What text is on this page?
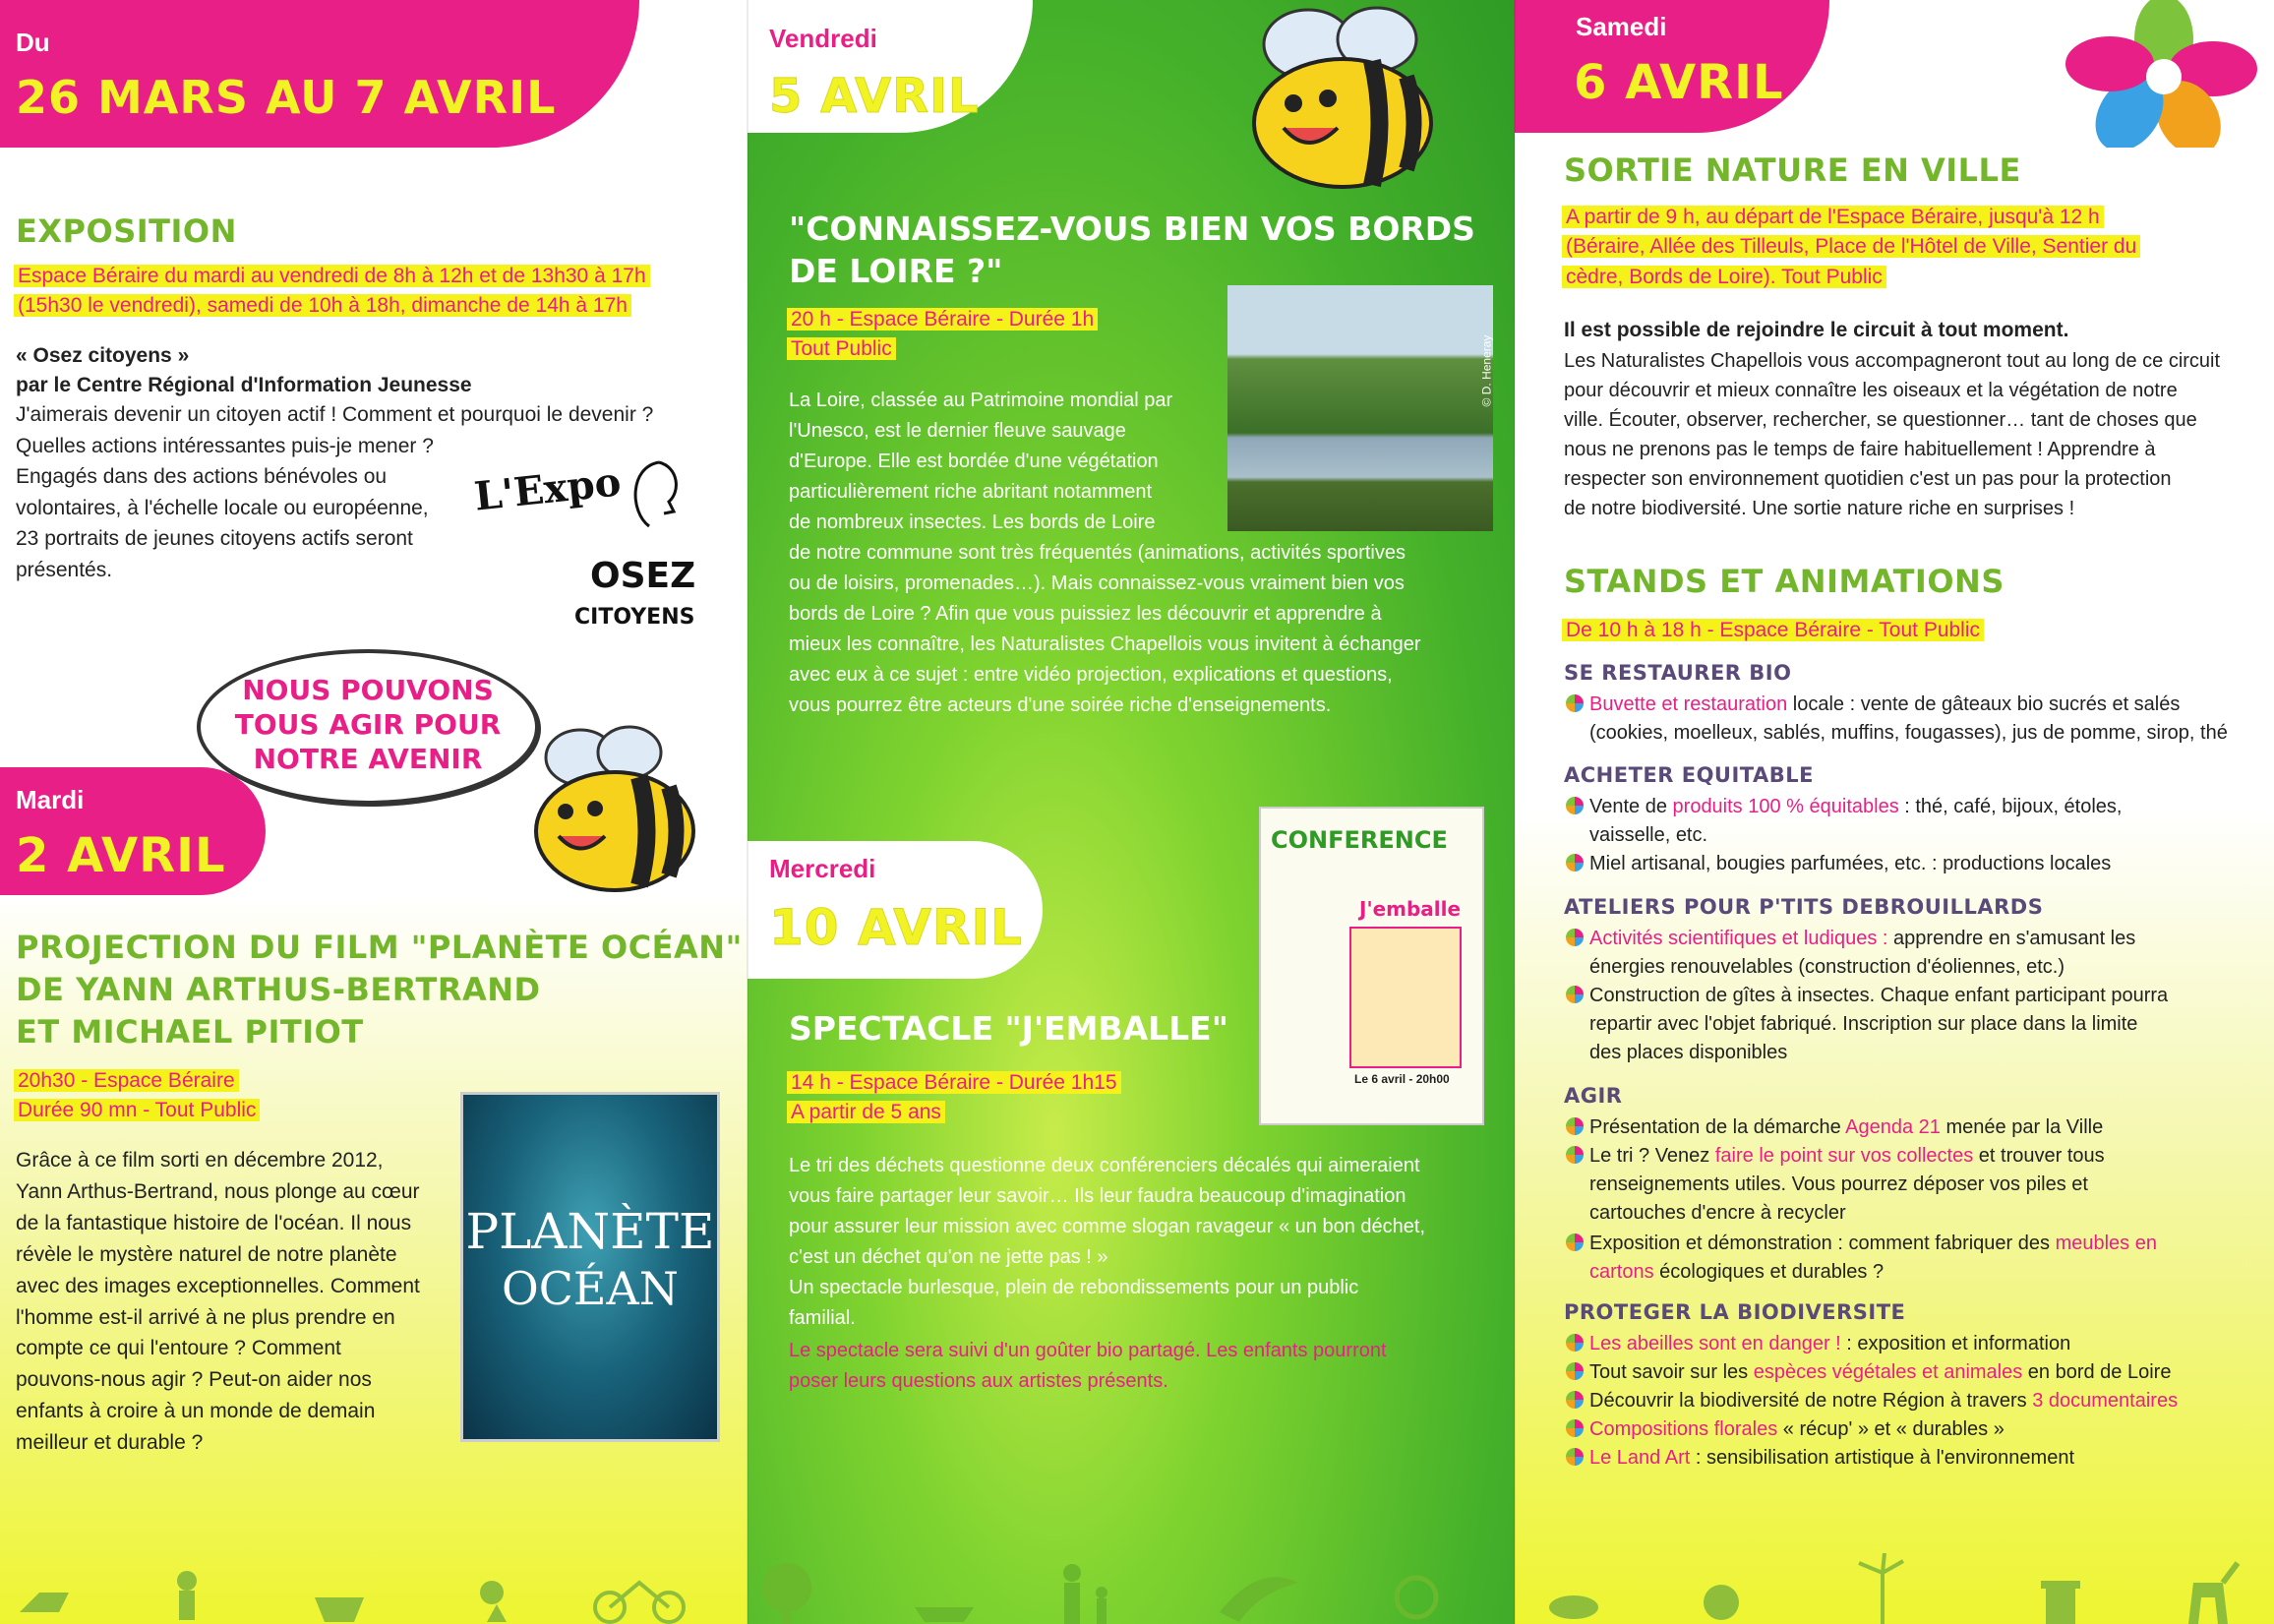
Du
26 MARS AU 7 AVRIL
EXPOSITION
Espace Béraire du mardi au vendredi de 8h à 12h et de 13h30 à 17h
(15h30 le vendredi), samedi de 10h à 18h, dimanche de 14h à 17h
« Osez citoyens »
par le Centre Régional d'Information Jeunesse
J'aimerais devenir un citoyen actif ! Comment et pourquoi le devenir ?
Quelles actions intéressantes puis-je mener ?
Engagés dans des actions bénévoles ou
volontaires, à l'échelle locale ou européenne,
23 portraits de jeunes citoyens actifs seront
présentés.
L'Expo
OSEZ
CITOYENS
NOUS POUVONS
TOUS AGIR POUR
NOTRE AVENIR
Mardi
2 AVRIL
PROJECTION DU FILM "PLANÈTE OCÉAN"
DE YANN ARTHUS-BERTRAND
ET MICHAEL PITIOT
20h30 - Espace Béraire
Durée 90 mn - Tout Public
Grâce à ce film sorti en décembre 2012,
Yann Arthus-Bertrand, nous plonge au cœur
de la fantastique histoire de l'océan. Il nous
révèle le mystère naturel de notre planète
avec des images exceptionnelles. Comment
l'homme est-il arrivé à ne plus prendre en
compte ce qui l'entoure ? Comment
pouvons-nous agir ? Peut-on aider nos
enfants à croire à un monde de demain
meilleur et durable ?
PLANÈTE
OCÉAN
Vendredi
5 AVRIL
"CONNAISSEZ-VOUS BIEN VOS BORDS
DE LOIRE ?"
20 h - Espace Béraire - Durée 1h
Tout Public	© D. Heneray
La Loire, classée au Patrimoine mondial par
l'Unesco, est le dernier fleuve sauvage
d'Europe. Elle est bordée d'une végétation
particulièrement riche abritant notamment
de nombreux insectes. Les bords de Loire
de notre commune sont très fréquentés (animations, activités sportives
ou de loisirs, promenades…). Mais connaissez-vous vraiment bien vos
bords de Loire ? Afin que vous puissiez les découvrir et apprendre à
mieux les connaître, les Naturalistes Chapellois vous invitent à échanger
avec eux à ce sujet : entre vidéo projection, explications et questions,
vous pourrez être acteurs d'une soirée riche d'enseignements.
Mercredi
10 AVRIL
SPECTACLE "J'EMBALLE"
14 h - Espace Béraire - Durée 1h15
A partir de 5 ans
CONFERENCE
J'emballe
Le 6 avril - 20h00
Le tri des déchets questionne deux conférenciers décalés qui aimeraient
vous faire partager leur savoir… Ils leur faudra beaucoup d'imagination
pour assurer leur mission avec comme slogan ravageur « un bon déchet,
c'est un déchet qu'on ne jette pas ! »
Un spectacle burlesque, plein de rebondissements pour un public
familial.
Le spectacle sera suivi d'un goûter bio partagé. Les enfants pourront
poser leurs questions aux artistes présents.
Samedi
6 AVRIL
SORTIE NATURE EN VILLE
A partir de 9 h, au départ de l'Espace Béraire, jusqu'à 12 h
(Béraire, Allée des Tilleuls, Place de l'Hôtel de Ville, Sentier du
cèdre, Bords de Loire). Tout Public
Il est possible de rejoindre le circuit à tout moment.
Les Naturalistes Chapellois vous accompagneront tout au long de ce circuit
pour découvrir et mieux connaître les oiseaux et la végétation de notre
ville. Écouter, observer, rechercher, se questionner… tant de choses que
nous ne prenons pas le temps de faire habituellement ! Apprendre à
respecter son environnement quotidien c'est un pas pour la protection
de notre biodiversité. Une sortie nature riche en surprises !
STANDS ET ANIMATIONS
De 10 h à 18 h - Espace Béraire - Tout Public
SE RESTAURER BIO
Buvette et restauration locale : vente de gâteaux bio sucrés et salés
(cookies, moelleux, sablés, muffins, fougasses), jus de pomme, sirop, thé
ACHETER EQUITABLE
Vente de produits 100 % équitables : thé, café, bijoux, étoles,
vaisselle, etc.
Miel artisanal, bougies parfumées, etc. : productions locales
ATELIERS POUR P'TITS DEBROUILLARDS
Activités scientifiques et ludiques : apprendre en s'amusant les
énergies renouvelables (construction d'éoliennes, etc.)
Construction de gîtes à insectes. Chaque enfant participant pourra
repartir avec l'objet fabriqué. Inscription sur place dans la limite
des places disponibles
AGIR
Présentation de la démarche Agenda 21 menée par la Ville
Le tri ? Venez faire le point sur vos collectes et trouver tous
renseignements utiles. Vous pourrez déposer vos piles et
cartouches d'encre à recycler
Exposition et démonstration : comment fabriquer des meubles en
cartons écologiques et durables ?
PROTEGER LA BIODIVERSITE
Les abeilles sont en danger ! : exposition et information
Tout savoir sur les espèces végétales et animales en bord de Loire
Découvrir la biodiversité de notre Région à travers 3 documentaires
Compositions florales « récup' » et « durables »
Le Land Art : sensibilisation artistique à l'environnement
